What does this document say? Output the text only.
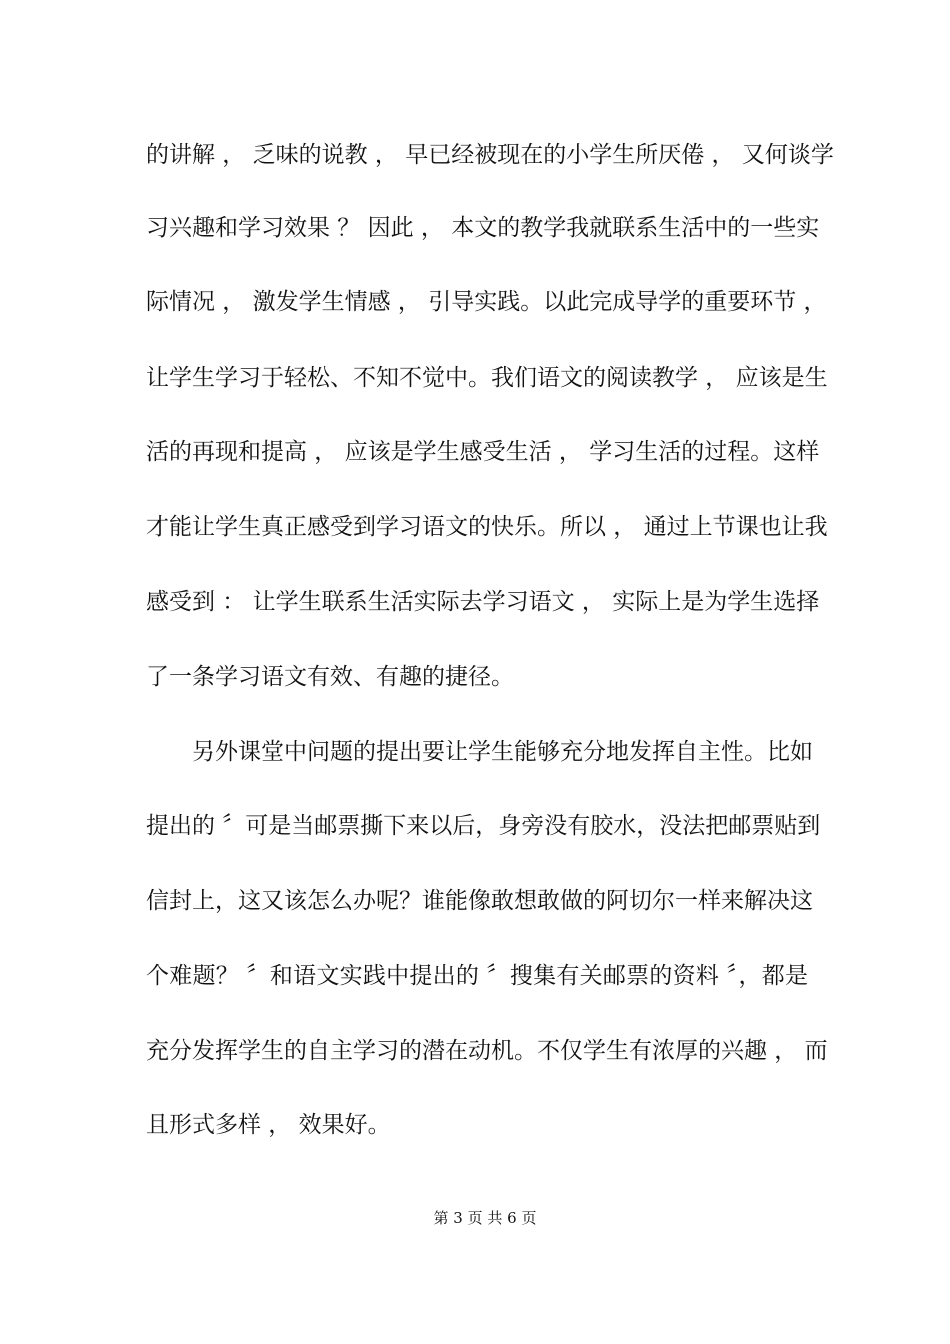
的讲解 ， 乏味的说教 ， 早已经被现在的小学生所厌倦 ， 又何谈学
习兴趣和学习效果 ？ 因此 ， 本文的教学我就联系生活中的一些实
际情况 ， 激发学生情感 ， 引导实践。以此完成导学的重要环节 ，
让学生学习于轻松、不知不觉中。我们语文的阅读教学 ， 应该是生
活的再现和提高 ， 应该是学生感受生活 ， 学习生活的过程。这样
才能让学生真正感受到学习语文的快乐。所以 ， 通过上节课也让我
感受到 ： 让学生联系生活实际去学习语文 ， 实际上是为学生选择
了一条学习语文有效、有趣的捷径。
另外课堂中问题的提出要让学生能够充分地发挥自主性。比如
提出的 〞可是当邮票撕下来以后，身旁没有胶水，没法把邮票贴到
信封上，这又该怎么办呢？谁能像敢想敢做的阿切尔一样来解决这
个难题？ 〞和语文实践中提出的 〞搜集有关邮票的资料 〞，都是
充分发挥学生的自主学习的潜在动机。不仅学生有浓厚的兴趣 ， 而
且形式多样 ， 效果好。
第 3 页 共 6 页
